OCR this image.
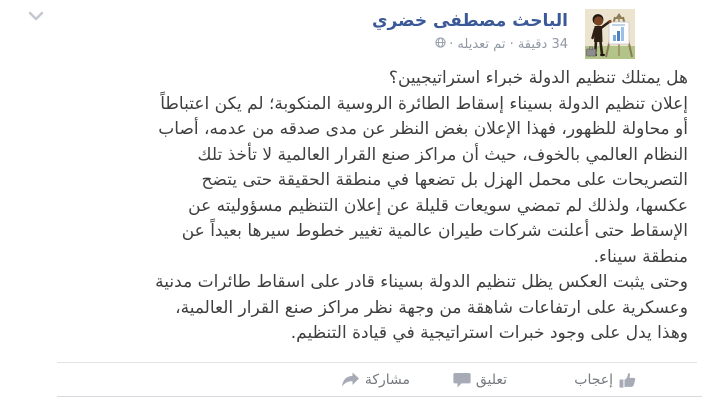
الباحث مصطفى خضري
34 دقيقة · تم تعديله ·
هل يمتلك تنظيم الدولة خبراء استراتيجيين؟
إعلان تنظيم الدولة بسيناء إسقاط الطائرة الروسية المنكوبة؛ لم يكن اعتباطاً
أو محاولة للظهور، فهذا الإعلان بغض النظر عن مدى صدقه من عدمه، أصاب
النظام العالمي بالخوف، حيث أن مراكز صنع القرار العالمية لا تأخذ تلك
التصريحات على محمل الهزل بل تضعها في منطقة الحقيقة حتى يتضح
عكسها، ولذلك لم تمضي سويعات قليلة عن إعلان التنظيم مسؤوليته عن
الإسقاط حتى أعلنت شركات طيران عالمية تغيير خطوط سيرها بعيداً عن
منطقة سيناء.
وحتى يثبت العكس يظل تنظيم الدولة بسيناء قادر على اسقاط طائرات مدنية
وعسكرية على ارتفاعات شاهقة من وجهة نظر مراكز صنع القرار العالمية،
وهذا يدل على وجود خبرات استراتيجية في قيادة التنظيم.
إعجاب
تعليق
مشاركة
